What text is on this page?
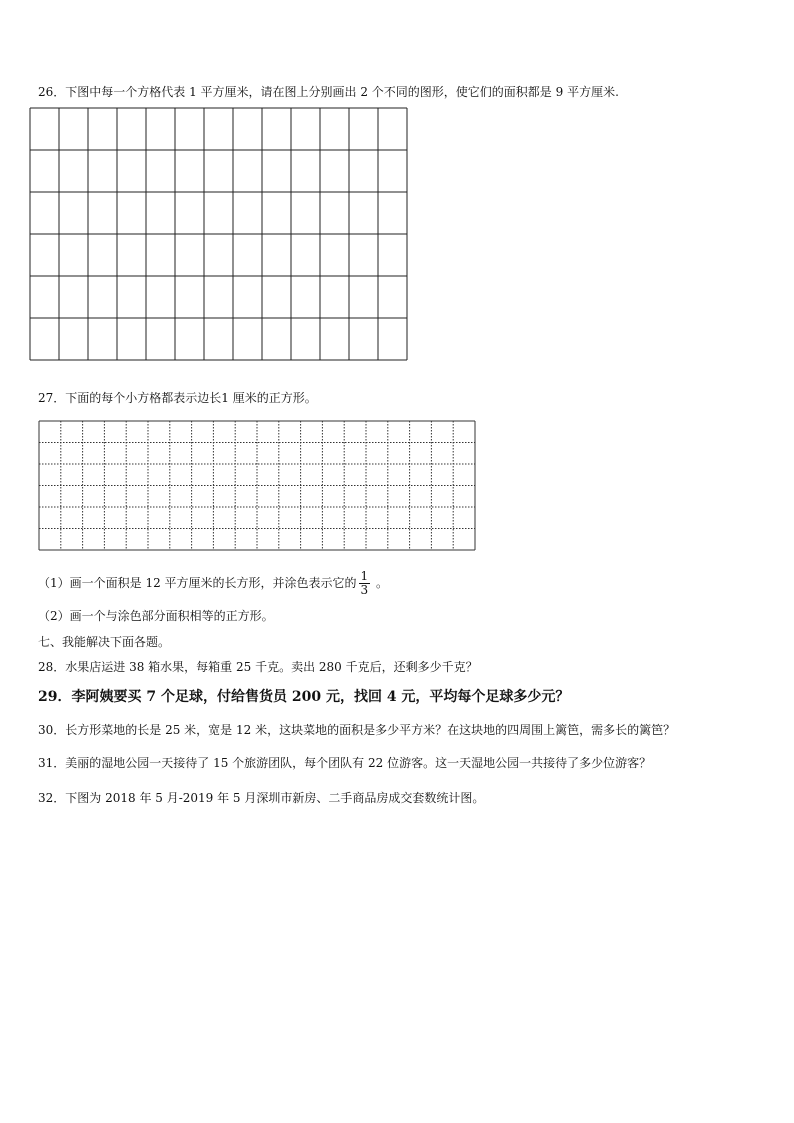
26．下图中每一个方格代表 1 平方厘米，请在图上分别画出 2 个不同的图形，使它们的面积都是 9 平方厘米.
27．下面的每个小方格都表示边长1 厘米的正方形。
（1）画一个面积是 12 平方厘米的长方形，并涂色表示它的 $\frac{1}{3}$ 。
（2）画一个与涂色部分面积相等的正方形。
七、我能解决下面各题。
28．水果店运进 38 箱水果，每箱重 25 千克。卖出 280 千克后，还剩多少千克？
29．李阿姨要买 7 个足球，付给售货员 200 元，找回 4 元，平均每个足球多少元？
30．长方形菜地的长是 25 米，宽是 12 米，这块菜地的面积是多少平方米？在这块地的四周围上篱笆，需多长的篱笆？
31．美丽的湿地公园一天接待了 15 个旅游团队，每个团队有 22 位游客。这一天湿地公园一共接待了多少位游客？
32．下图为 2018 年 5 月-2019 年 5 月深圳市新房、二手商品房成交套数统计图。
